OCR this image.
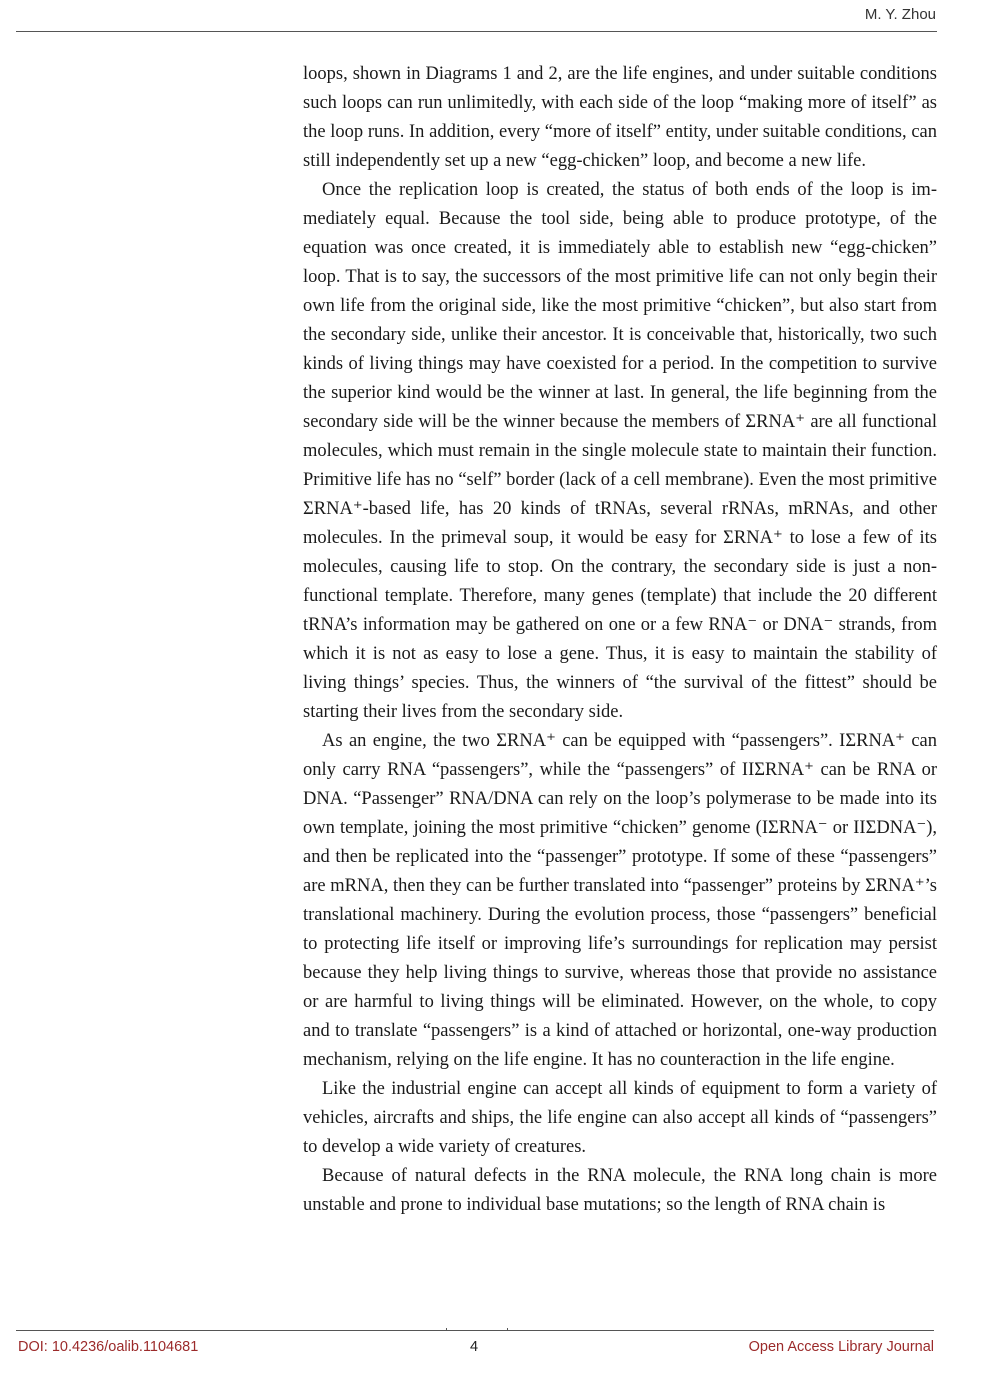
M. Y. Zhou

loops, shown in Diagrams 1 and 2, are the life engines, and under suitable conditions such loops can run unlimitedly, with each side of the loop “making more of itself” as the loop runs. In addition, every “more of itself” entity, under suitable conditions, can still independently set up a new “egg-chicken” loop, and become a new life.

Once the replication loop is created, the status of both ends of the loop is immediately equal. Because the tool side, being able to produce prototype, of the equation was once created, it is immediately able to establish new “egg-chicken” loop. That is to say, the successors of the most primitive life can not only begin their own life from the original side, like the most primitive “chicken”, but also start from the secondary side, unlike their ancestor. It is conceivable that, historically, two such kinds of living things may have coexisted for a period. In the competition to survive the superior kind would be the winner at last. In general, the life beginning from the secondary side will be the winner because the members of ΣRNA⁺ are all functional molecules, which must remain in the single molecule state to maintain their function. Primitive life has no “self” border (lack of a cell membrane). Even the most primitive ΣRNA⁺-based life, has 20 kinds of tRNAs, several rRNAs, mRNAs, and other molecules. In the primeval soup, it would be easy for ΣRNA⁺ to lose a few of its molecules, causing life to stop. On the contrary, the secondary side is just a non-functional template. Therefore, many genes (template) that include the 20 different tRNA’s information may be gathered on one or a few RNA⁻ or DNA⁻ strands, from which it is not as easy to lose a gene. Thus, it is easy to maintain the stability of living things’ species. Thus, the winners of “the survival of the fittest” should be starting their lives from the secondary side.

As an engine, the two ΣRNA⁺ can be equipped with “passengers”. IΣRNA⁺ can only carry RNA “passengers”, while the “passengers” of IIΣRNA⁺ can be RNA or DNA. “Passenger” RNA/DNA can rely on the loop’s polymerase to be made into its own template, joining the most primitive “chicken” genome (IΣRNA⁻ or IIΣDNA⁻), and then be replicated into the “passenger” prototype. If some of these “passengers” are mRNA, then they can be further translated into “passenger” proteins by ΣRNA⁺’s translational machinery. During the evolution process, those “passengers” beneficial to protecting life itself or improving life’s surroundings for replication may persist because they help living things to survive, whereas those that provide no assistance or are harmful to living things will be eliminated. However, on the whole, to copy and to translate “passengers” is a kind of attached or horizontal, one-way production mechanism, relying on the life engine. It has no counteraction in the life engine.

Like the industrial engine can accept all kinds of equipment to form a variety of vehicles, aircrafts and ships, the life engine can also accept all kinds of “passengers” to develop a wide variety of creatures.

Because of natural defects in the RNA molecule, the RNA long chain is more unstable and prone to individual base mutations; so the length of RNA chain is

DOI: 10.4236/oalib.1104681	4	Open Access Library Journal
